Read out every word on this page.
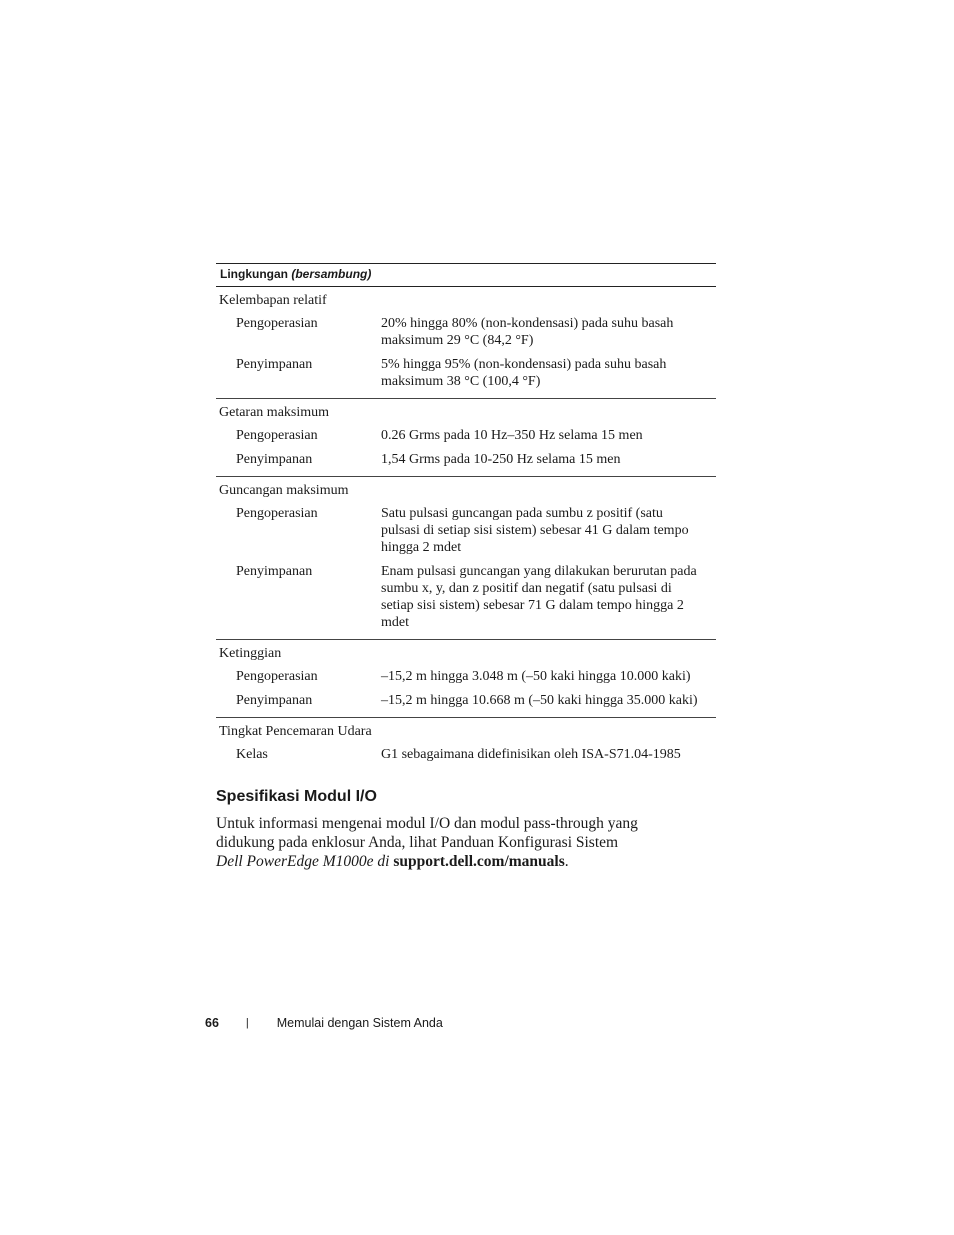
Lingkungan (bersambung)
Kelembapan relatif
Pengoperasian	20% hingga 80% (non-kondensasi) pada suhu basah maksimum 29 °C (84,2 °F)
Penyimpanan	5% hingga 95% (non-kondensasi) pada suhu basah maksimum 38 °C (100,4 °F)
Getaran maksimum
Pengoperasian	0.26 Grms pada 10 Hz–350 Hz selama 15 men
Penyimpanan	1,54 Grms pada 10-250 Hz selama 15 men
Guncangan maksimum
Pengoperasian	Satu pulsasi guncangan pada sumbu z positif (satu pulsasi di setiap sisi sistem) sebesar 41 G dalam tempo hingga 2 mdet
Penyimpanan	Enam pulsasi guncangan yang dilakukan berurutan pada sumbu x, y, dan z positif dan negatif (satu pulsasi di setiap sisi sistem) sebesar 71 G dalam tempo hingga 2 mdet
Ketinggian
Pengoperasian	–15,2 m hingga 3.048 m (–50 kaki hingga 10.000 kaki)
Penyimpanan	–15,2 m hingga 10.668 m (–50 kaki hingga 35.000 kaki)
Tingkat Pencemaran Udara
Kelas	G1 sebagaimana didefinisikan oleh ISA-S71.04-1985
Spesifikasi Modul I/O

Untuk informasi mengenai modul I/O dan modul pass-through yang didukung pada enklosur Anda, lihat Panduan Konfigurasi Sistem
Dell PowerEdge M1000e di support.dell.com/manuals.

66 | Memulai dengan Sistem Anda
